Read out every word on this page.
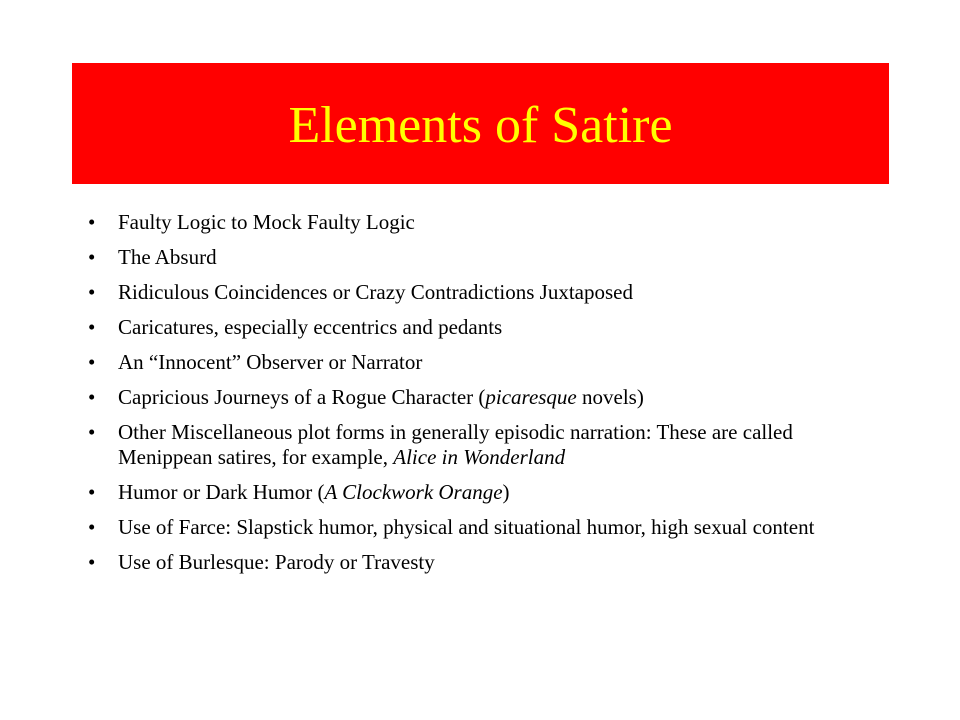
Elements of Satire
• Faulty Logic to Mock Faulty Logic
• The Absurd
• Ridiculous Coincidences or Crazy Contradictions Juxtaposed
• Caricatures, especially eccentrics and pedants
• An “Innocent” Observer or Narrator
• Capricious Journeys of a Rogue Character (picaresque novels)
• Other Miscellaneous plot forms in generally episodic narration: These are called Menippean satires, for example, Alice in Wonderland
• Humor or Dark Humor (A Clockwork Orange)
• Use of Farce: Slapstick humor, physical and situational humor, high sexual content
• Use of Burlesque: Parody or Travesty
